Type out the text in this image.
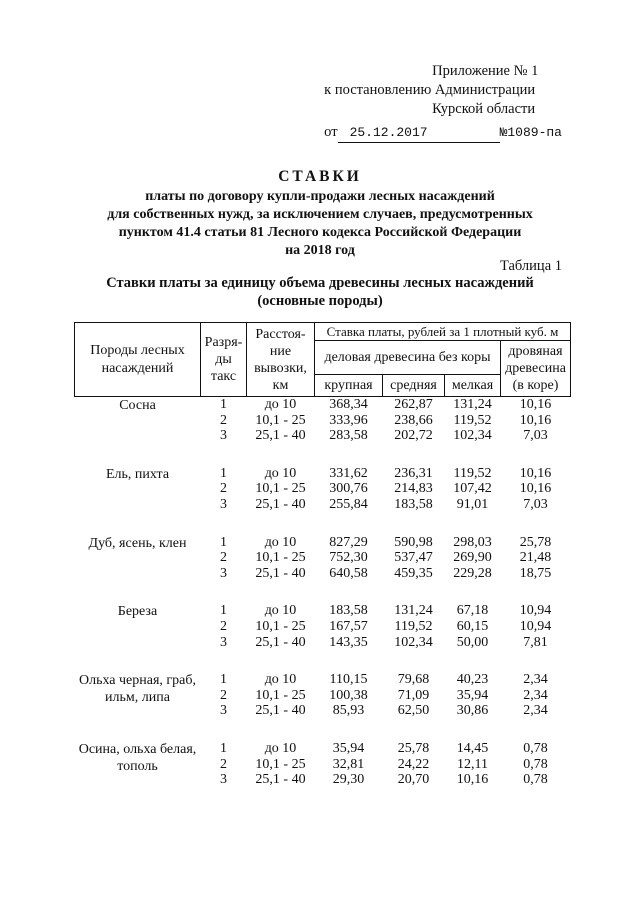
Приложение № 1
к постановлению Администрации
Курской области
от 25.12.2017	№1089-па
СТАВКИ
платы по договору купли-продажи лесных насаждений
для собственных нужд, за исключением случаев, предусмотренных
пунктом 41.4 статьи 81 Лесного кодекса Российской Федерации
на 2018 год
Таблица 1
Ставки платы за единицу объема древесины лесных насаждений
(основные породы)
Породы лесных насаждений	Разря-ды такс	Расстоя-ние вывозки, км	Ставка платы, рублей за 1 плотный куб. м			
			деловая древесина без коры			дровяная древесина (в коре)
			крупная	средняя	мелкая	
Сосна	1	до 10	368,34	262,87	131,24	10,16
	2	10,1 - 25	333,96	238,66	119,52	10,16
	3	25,1 - 40	283,58	202,72	102,34	7,03

Ель, пихта	1	до 10	331,62	236,31	119,52	10,16
	2	10,1 - 25	300,76	214,83	107,42	10,16
	3	25,1 - 40	255,84	183,58	91,01	7,03

Дуб, ясень, клен	1	до 10	827,29	590,98	298,03	25,78
	2	10,1 - 25	752,30	537,47	269,90	21,48
	3	25,1 - 40	640,58	459,35	229,28	18,75

Береза	1	до 10	183,58	131,24	67,18	10,94
	2	10,1 - 25	167,57	119,52	60,15	10,94
	3	25,1 - 40	143,35	102,34	50,00	7,81

Ольха черная, граб, ильм, липа	1	до 10	110,15	79,68	40,23	2,34
	2	10,1 - 25	100,38	71,09	35,94	2,34
	3	25,1 - 40	85,93	62,50	30,86	2,34

Осина, ольха белая, тополь	1	до 10	35,94	25,78	14,45	0,78
	2	10,1 - 25	32,81	24,22	12,11	0,78
	3	25,1 - 40	29,30	20,70	10,16	0,78
